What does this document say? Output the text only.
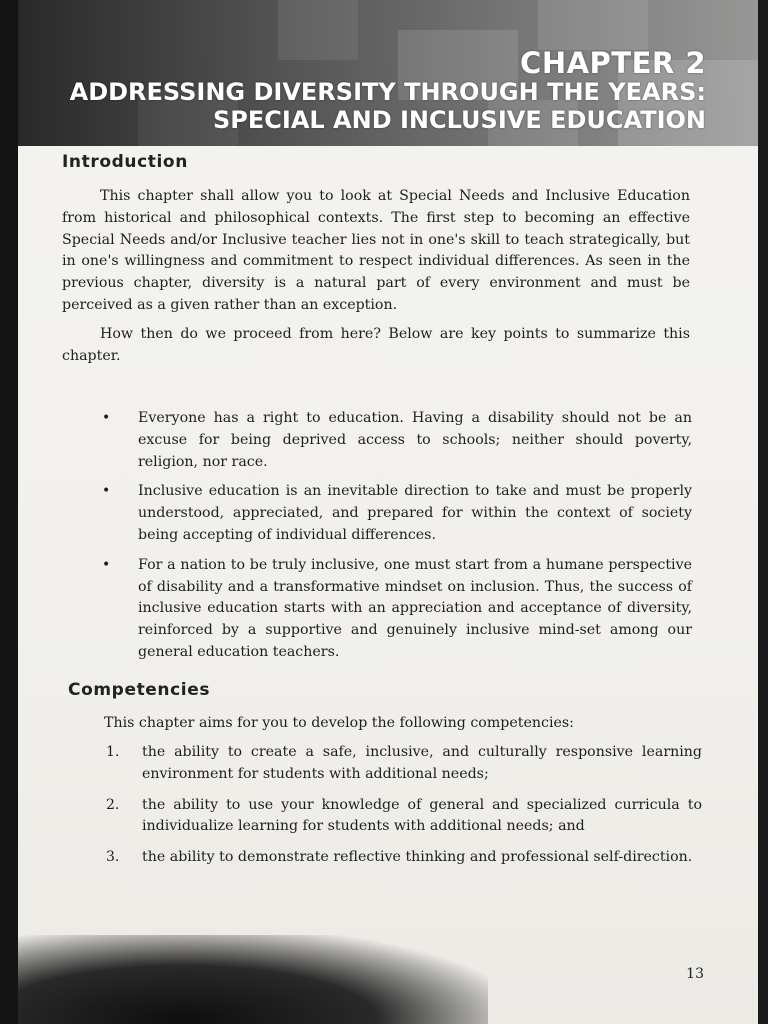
CHAPTER 2
ADDRESSING DIVERSITY THROUGH THE YEARS:
SPECIAL AND INCLUSIVE EDUCATION
Introduction

This chapter shall allow you to look at Special Needs and Inclusive Education from historical and philosophical contexts. The first step to becoming an effective Special Needs and/or Inclusive teacher lies not in one's skill to teach strategically, but in one's willingness and commitment to respect individual differences. As seen in the previous chapter, diversity is a natural part of every environment and must be perceived as a given rather than an exception.

How then do we proceed from here? Below are key points to summarize this chapter.

• Everyone has a right to education. Having a disability should not be an excuse for being deprived access to schools; neither should poverty, religion, nor race.
• Inclusive education is an inevitable direction to take and must be properly understood, appreciated, and prepared for within the context of society being accepting of individual differences.
• For a nation to be truly inclusive, one must start from a humane perspective of disability and a transformative mindset on inclusion. Thus, the success of inclusive education starts with an appreciation and acceptance of diversity, reinforced by a supportive and genuinely inclusive mind-set among our general education teachers.
Competencies

This chapter aims for you to develop the following competencies:

1. the ability to create a safe, inclusive, and culturally responsive learning environment for students with additional needs;
2. the ability to use your knowledge of general and specialized curricula to individualize learning for students with additional needs; and
3. the ability to demonstrate reflective thinking and professional self-direction.
13
